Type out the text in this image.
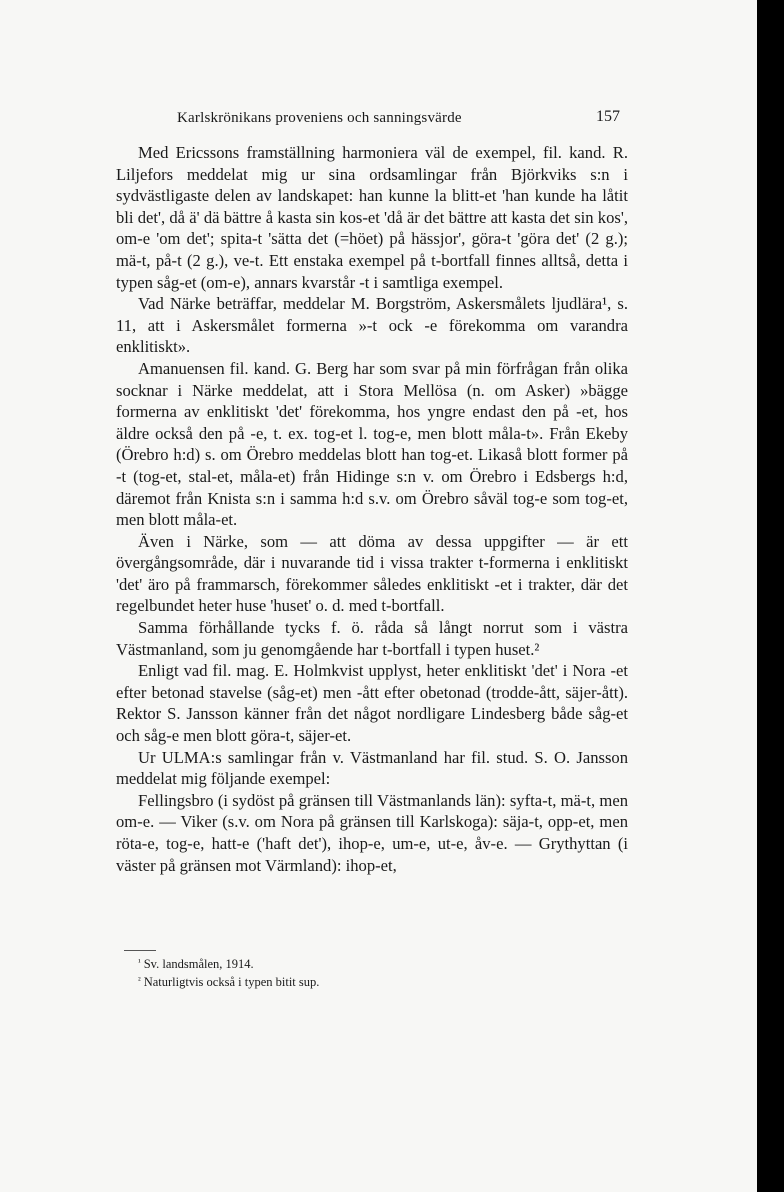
Karlskrönikans proveniens och sanningsvärde	157

Med Ericssons framställning harmoniera väl de exempel, fil. kand. R. Liljefors meddelat mig ur sina ordsamlingar från Björkviks s:n i sydvästligaste delen av landskapet: han kunne la blitt-et 'han kunde ha låtit bli det', då ä' dä bättre å kasta sin kos-et 'då är det bättre att kasta det sin kos', om-e 'om det'; spita-t 'sätta det (=höet) på hässjor', göra-t 'göra det' (2 g.); mä-t, på-t (2 g.), ve-t. Ett enstaka exempel på t-bortfall finnes alltså, detta i typen såg-et (om-e), annars kvarstår -t i samtliga exempel.

Vad Närke beträffar, meddelar M. Borgström, Askersmålets ljudlära¹, s. 11, att i Askersmålet formerna »-t ock -e förekomma om varandra enklitiskt».

Amanuensen fil. kand. G. Berg har som svar på min förfrågan från olika socknar i Närke meddelat, att i Stora Mellösa (n. om Asker) »bägge formerna av enklitiskt 'det' förekomma, hos yngre endast den på -et, hos äldre också den på -e, t. ex. tog-et l. tog-e, men blott måla-t». Från Ekeby (Örebro h:d) s. om Örebro meddelas blott han tog-et. Likaså blott former på -t (tog-et, stal-et, måla-et) från Hidinge s:n v. om Örebro i Edsbergs h:d, däremot från Knista s:n i samma h:d s.v. om Örebro såväl tog-e som tog-et, men blott måla-et.

Även i Närke, som — att döma av dessa uppgifter — är ett övergångsområde, där i nuvarande tid i vissa trakter t-formerna i enklitiskt 'det' äro på frammarsch, förekommer således enklitiskt -et i trakter, där det regelbundet heter huse 'huset' o. d. med t-bortfall.

Samma förhållande tycks f. ö. råda så långt norrut som i västra Västmanland, som ju genomgående har t-bortfall i typen huset.²

Enligt vad fil. mag. E. Holmkvist upplyst, heter enklitiskt 'det' i Nora -et efter betonad stavelse (såg-et) men -ått efter obetonad (trodde-ått, säjer-ått). Rektor S. Jansson känner från det något nordligare Lindesberg både såg-et och såg-e men blott göra-t, säjer-et.

Ur ULMA:s samlingar från v. Västmanland har fil. stud. S. O. Jansson meddelat mig följande exempel:

Fellingsbro (i sydöst på gränsen till Västmanlands län): syfta-t, mä-t, men om-e. — Viker (s.v. om Nora på gränsen till Karlskoga): säja-t, opp-et, men röta-e, tog-e, hatt-e ('haft det'), ihop-e, um-e, ut-e, åv-e. — Grythyttan (i väster på gränsen mot Värmland): ihop-et,

$^{^1}$ Sv. landsmålen, 1914.
$^{^2}$ Naturligtvis också i typen bitit sup.
